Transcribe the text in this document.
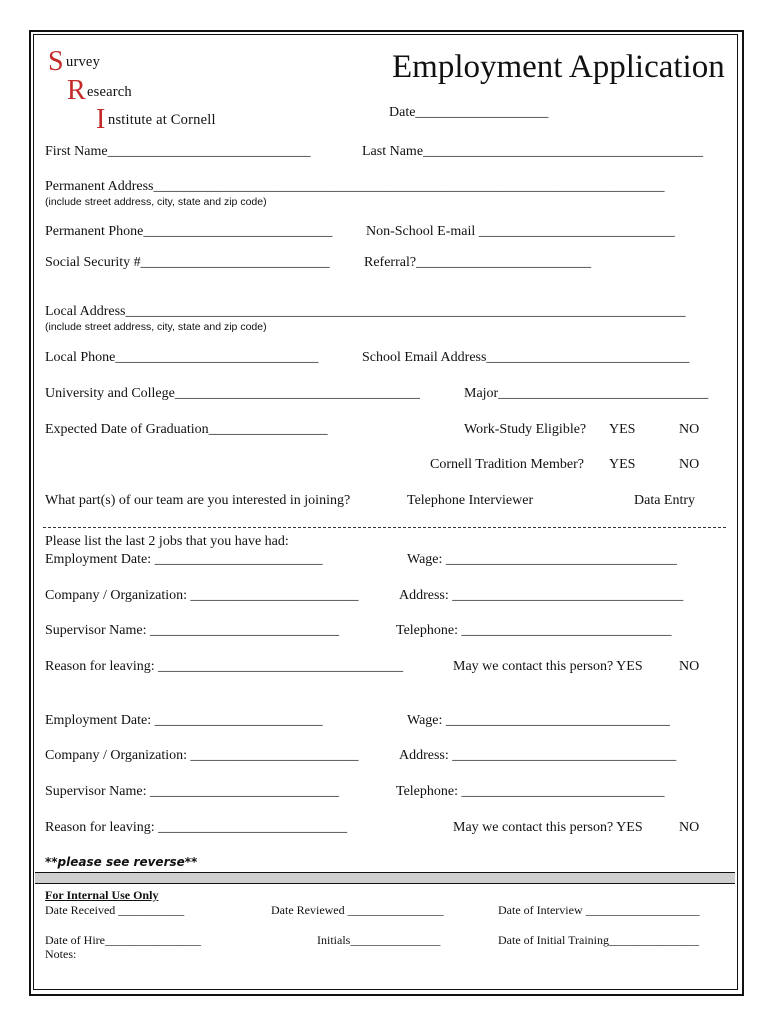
S urvey
R esearch
I nstitute at Cornell
Employment Application
Date___________________
First Name_____________________________	Last Name________________________________________
Permanent Address_________________________________________________________________________
(include street address, city, state and zip code)
Permanent Phone___________________________ Non-School E-mail ____________________________
Social Security #___________________________ Referral?_________________________
Local Address________________________________________________________________________________
(include street address, city, state and zip code)
Local Phone_____________________________	School Email Address_____________________________
University and College___________________________________	Major______________________________
Expected Date of Graduation_________________	Work-Study Eligible? YES	NO
Cornell Tradition Member? YES	NO
What part(s) of our team are you interested in joining?	Telephone Interviewer	Data Entry
Please list the last 2 jobs that you have had:
Employment Date: ________________________	Wage: _________________________________
Company / Organization: ________________________	Address: _________________________________
Supervisor Name: ___________________________	Telephone: ______________________________
Reason for leaving: ___________________________________	May we contact this person? YES	NO
Employment Date: ________________________	Wage: ________________________________
Company / Organization: ________________________	Address: ________________________________
Supervisor Name: ___________________________	Telephone: _____________________________
Reason for leaving: ___________________________	May we contact this person? YES	NO
**please see reverse**
For Internal Use Only
Date Received ___________	Date Reviewed ________________	Date of Interview ___________________
Date of Hire________________	Initials_______________	Date of Initial Training_______________
Notes:
